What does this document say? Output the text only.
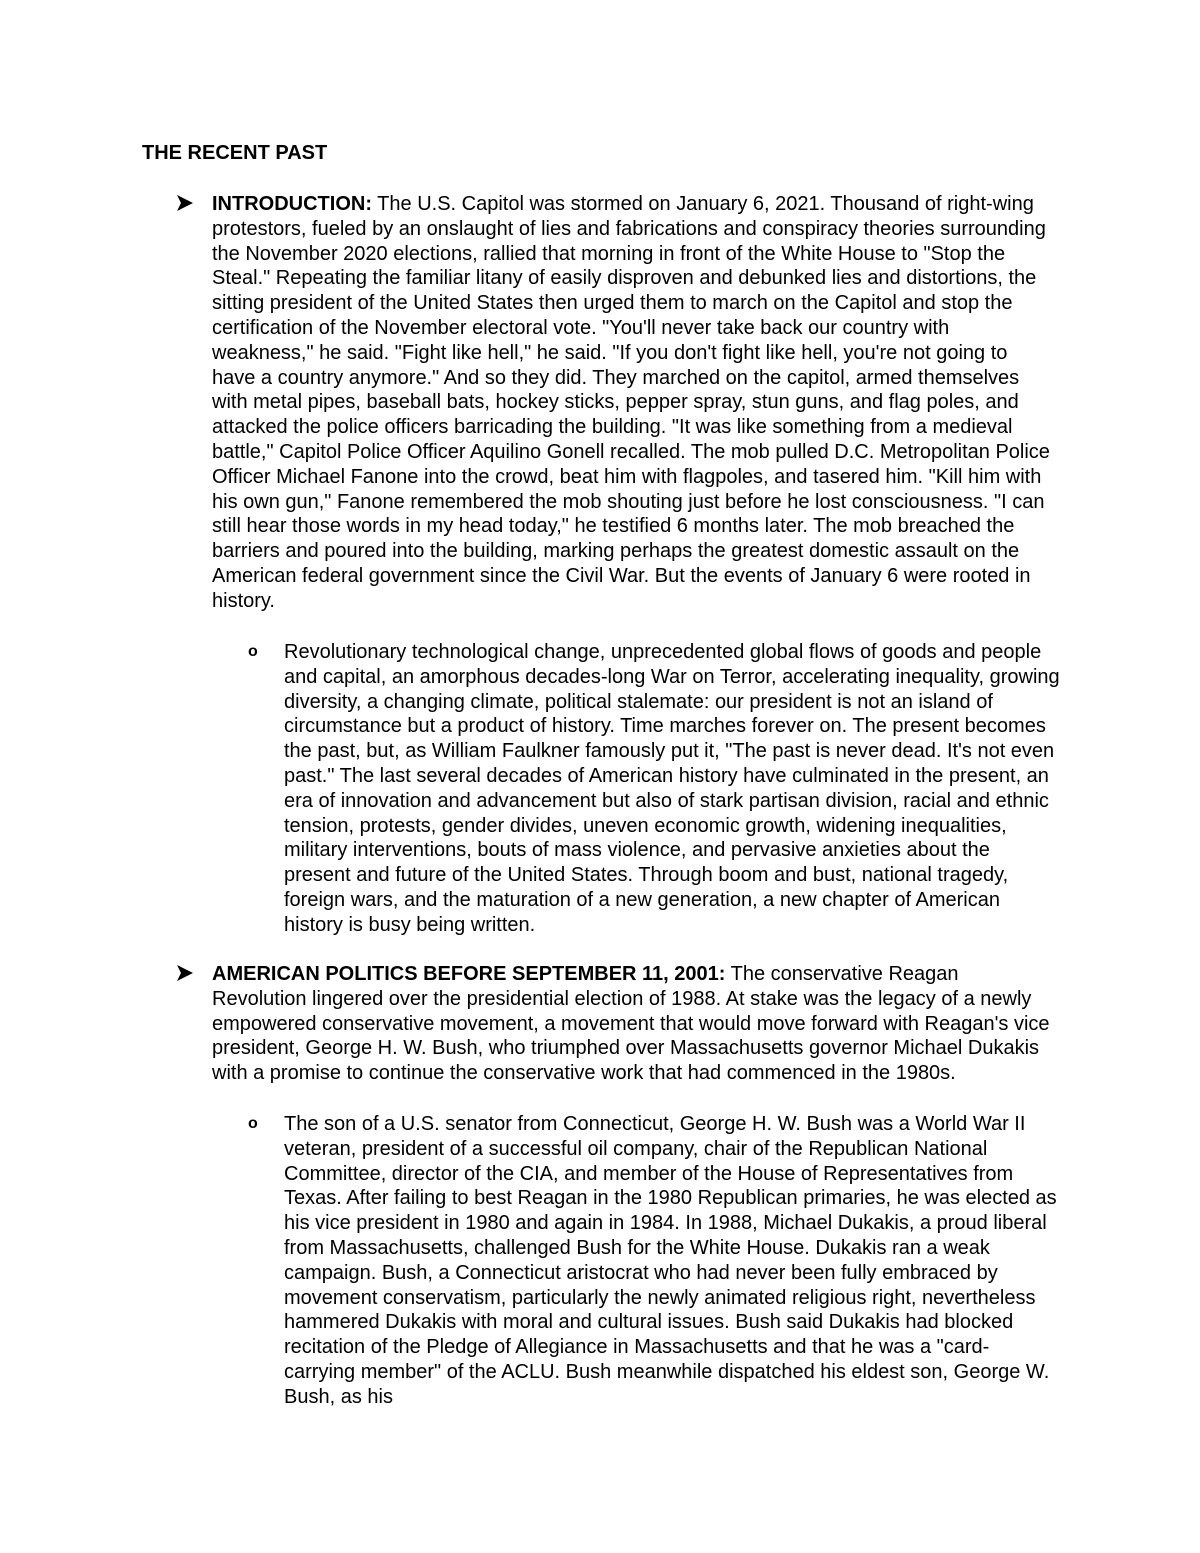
THE RECENT PAST
INTRODUCTION: The U.S. Capitol was stormed on January 6, 2021. Thousand of right-wing protestors, fueled by an onslaught of lies and fabrications and conspiracy theories surrounding the November 2020 elections, rallied that morning in front of the White House to "Stop the Steal." Repeating the familiar litany of easily disproven and debunked lies and distortions, the sitting president of the United States then urged them to march on the Capitol and stop the certification of the November electoral vote. "You'll never take back our country with weakness," he said. "Fight like hell," he said. "If you don't fight like hell, you're not going to have a country anymore." And so they did. They marched on the capitol, armed themselves with metal pipes, baseball bats, hockey sticks, pepper spray, stun guns, and flag poles, and attacked the police officers barricading the building. "It was like something from a medieval battle," Capitol Police Officer Aquilino Gonell recalled. The mob pulled D.C. Metropolitan Police Officer Michael Fanone into the crowd, beat him with flagpoles, and tasered him. "Kill him with his own gun," Fanone remembered the mob shouting just before he lost consciousness. "I can still hear those words in my head today," he testified 6 months later. The mob breached the barriers and poured into the building, marking perhaps the greatest domestic assault on the American federal government since the Civil War. But the events of January 6 were rooted in history.
o Revolutionary technological change, unprecedented global flows of goods and people and capital, an amorphous decades-long War on Terror, accelerating inequality, growing diversity, a changing climate, political stalemate: our president is not an island of circumstance but a product of history. Time marches forever on. The present becomes the past, but, as William Faulkner famously put it, "The past is never dead. It's not even past." The last several decades of American history have culminated in the present, an era of innovation and advancement but also of stark partisan division, racial and ethnic tension, protests, gender divides, uneven economic growth, widening inequalities, military interventions, bouts of mass violence, and pervasive anxieties about the present and future of the United States. Through boom and bust, national tragedy, foreign wars, and the maturation of a new generation, a new chapter of American history is busy being written.
AMERICAN POLITICS BEFORE SEPTEMBER 11, 2001: The conservative Reagan Revolution lingered over the presidential election of 1988. At stake was the legacy of a newly empowered conservative movement, a movement that would move forward with Reagan's vice president, George H. W. Bush, who triumphed over Massachusetts governor Michael Dukakis with a promise to continue the conservative work that had commenced in the 1980s.
o The son of a U.S. senator from Connecticut, George H. W. Bush was a World War II veteran, president of a successful oil company, chair of the Republican National Committee, director of the CIA, and member of the House of Representatives from Texas. After failing to best Reagan in the 1980 Republican primaries, he was elected as his vice president in 1980 and again in 1984. In 1988, Michael Dukakis, a proud liberal from Massachusetts, challenged Bush for the White House. Dukakis ran a weak campaign. Bush, a Connecticut aristocrat who had never been fully embraced by movement conservatism, particularly the newly animated religious right, nevertheless hammered Dukakis with moral and cultural issues. Bush said Dukakis had blocked recitation of the Pledge of Allegiance in Massachusetts and that he was a "card-carrying member" of the ACLU. Bush meanwhile dispatched his eldest son, George W. Bush, as his
